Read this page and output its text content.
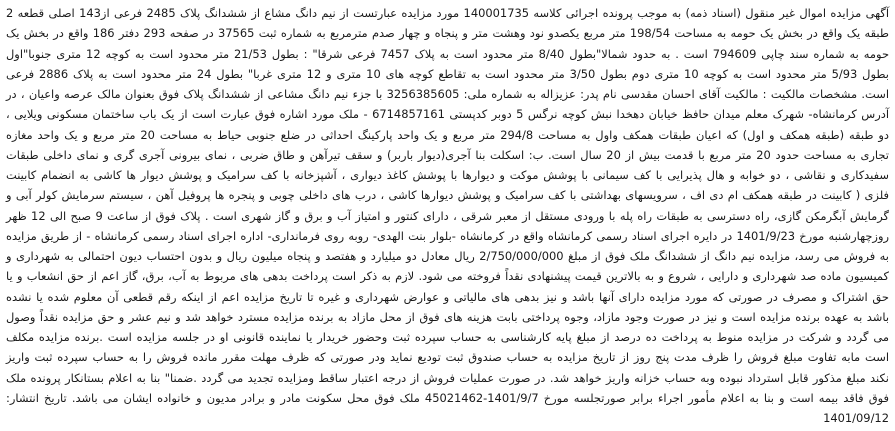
آگهی مزایده اموال غیر منقول (اسناد ذمه) به موجب پرونده اجرائی کلاسه 140001735 مورد مزایده عبارتست از نیم دانگ مشاع از ششدانگ پلاک 2485 فرعی از143 اصلی قطعه 2 طبقه یک واقع در بخش یک حومه به مساحت 198/54 متر مربع یکصدو نود وهشت متر و پنجاه و چهار صدم مترمربع به شماره ثبت 37565 در صفحه 293 دفتر 186 واقع در بخش یک حومه به شماره سند چاپی 794609 است . به حدود شمالا"بطول 8/40 متر محدود است به پلاک 7457 فرعی شرقا" : بطول 21/53 متر محدود است به کوچه 12 متری جنوبا"اول بطول 5/93 متر محدود است به کوچه 10 متری دوم بطول 3/50 متر محدود است به تقاطع کوچه های 10 متری و 12 متری غربا" بطول 24 متر محدود است به پلاک 2886 فرعی است. مشخصات مالکیت : مالکیت آقای احسان مقدسی نام پدر: عزیزاله به شماره ملی: 3256385605 با جزء نیم دانگ مشاعی از ششدانگ پلاک فوق بعنوان مالک عرصه واعیان ، در آدرس کرمانشاه- شهرک معلم میدان حافظ خیابان دهخدا نبش کوچه نرگس 5 دوبر کدپستی 6714857161 - ملک مورد اشاره فوق عبارت است از یک باب ساختمان مسکونی ویلایی ، دو طبقه (طبقه همکف و اول) که اعیان طبقات همکف واول به مساحت 294/8 متر مربع و یک واحد پارکینگ احداثی در ضلع جنوبی حیاط به مساحت 20 متر مربع و یک واحد مغازه تجاری به مساحت حدود 20 متر مربع با قدمت بیش از 20 سال است. ب: اسکلت بنا آجری(دیوار باربر) و سقف تیرآهن و طاق ضربی ، نمای بیرونی آجری گری و نمای داخلی طبقات سفیدکاری و نقاشی ، دو خوابه و هال پذیرایی با کف سیمانی با پوشش موکت و دیوارها با پوشش کاغذ دیواری ، آشپزخانه با کف سرامیک و پوشش دیوار ها کاشی به انضمام کابینت فلزی ( کابینت در طبقه همکف ام دی اف ، سرویسهای بهداشتی با کف سرامیک و پوشش دیوارها کاشی ، درب های داخلی چوبی و پنجره ها پروفیل آهن ، سیستم سرمایش کولر آبی و گرمایش آبگرمکن گازی، راه دسترسی به طبقات راه پله با ورودی مستقل از معبر شرقی ، دارای کنتور و امتیاز آب و برق و گاز شهری است . پلاک فوق از ساعت 9 صبح الی 12 ظهر روزچهارشنبه مورخ 1401/9/23 در دایره اجرای اسناد رسمی کرمانشاه واقع در کرمانشاه -بلوار بنت الهدی- روبه روی فرمانداری- اداره اجرای اسناد رسمی کرمانشاه - از طریق مزایده به فروش می رسد، مزایده نیم دانگ از ششدانگ ملک فوق از مبلغ 2/750/000/000 ریال معادل دو میلیارد و هفتصد و پنجاه میلیون ریال و بدون احتساب دیون احتمالی به شهرداری و کمیسیون ماده صد شهرداری و دارایی ، شروع و به بالاترین قیمت پیشنهادی نقداً فروخته می شود. لازم به ذکر است پرداخت بدهی های مربوط به آب، برق، گاز اعم از حق انشعاب و یا حق اشتراک و مصرف در صورتی که مورد مزایده دارای آنها باشد و نیز بدهی های مالیاتی و عوارض شهرداری و غیره تا تاریخ مزایده اعم از اینکه رقم قطعی آن معلوم شده یا نشده باشد به عهده برنده مزایده است و نیز در صورت وجود مازاد، وجوه پرداختی بابت هزینه های فوق از محل مازاد به برنده مزایده مسترد خواهد شد و نیم عشر و حق مزایده نقداً وصول می گردد و شرکت در مزایده منوط به پرداخت ده درصد از مبلغ پایه کارشناسی به حساب سپرده ثبت وحضور خریدار یا نماینده قانونی او در جلسه مزایده است .برنده مزایده مکلف است مابه تفاوت مبلغ فروش را ظرف مدت پنج روز از تاریخ مزایده به حساب صندوق ثبت تودیع نماید ودر صورتی که ظرف مهلت مقرر مانده فروش را به حساب سپرده ثبت واریز نکند مبلغ مذکور قابل استرداد نبوده وبه حساب خزانه واریز خواهد شد. در صورت عملیات فروش از درجه اعتبار ساقط ومزایده تجدید می گردد .ضمنا" بنا به اعلام بستانکار پرونده ملک فوق فاقد بیمه است و بنا به اعلام مأمور اجراء برابر صورتجلسه مورخ 1401/9/7-45021462 ملک فوق محل سکونت مادر و برادر مدیون و خانواده ایشان می باشد. تاریخ انتشار: 1401/09/12
